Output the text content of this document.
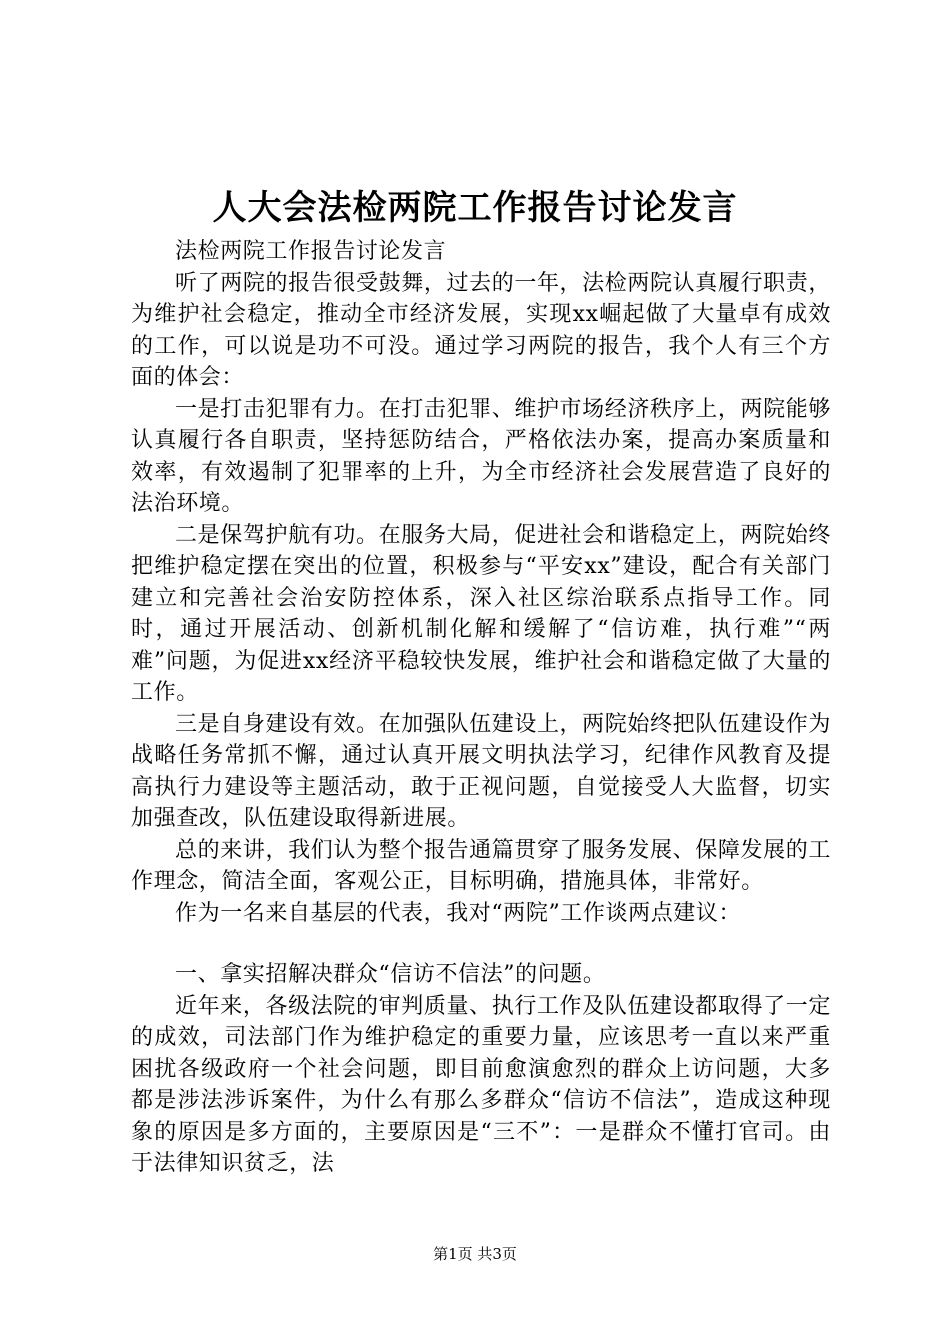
人大会法检两院工作报告讨论发言

法检两院工作报告讨论发言

听了两院的报告很受鼓舞，过去的一年，法检两院认真履行职责，为维护社会稳定，推动全市经济发展，实现xx崛起做了大量卓有成效的工作，可以说是功不可没。通过学习两院的报告，我个人有三个方面的体会：

一是打击犯罪有力。在打击犯罪、维护市场经济秩序上，两院能够认真履行各自职责，坚持惩防结合，严格依法办案，提高办案质量和效率，有效遏制了犯罪率的上升，为全市经济社会发展营造了良好的法治环境。

二是保驾护航有功。在服务大局，促进社会和谐稳定上，两院始终把维护稳定摆在突出的位置，积极参与“平安xx”建设，配合有关部门建立和完善社会治安防控体系，深入社区综治联系点指导工作。同时，通过开展活动、创新机制化解和缓解了“信访难，执行难”“两难”问题，为促进xx经济平稳较快发展，维护社会和谐稳定做了大量的工作。

三是自身建设有效。在加强队伍建设上，两院始终把队伍建设作为战略任务常抓不懈，通过认真开展文明执法学习，纪律作风教育及提高执行力建设等主题活动，敢于正视问题，自觉接受人大监督，切实加强查改，队伍建设取得新进展。

总的来讲，我们认为整个报告通篇贯穿了服务发展、保障发展的工作理念，简洁全面，客观公正，目标明确，措施具体，非常好。

作为一名来自基层的代表，我对“两院”工作谈两点建议：

一、拿实招解决群众“信访不信法”的问题。

近年来，各级法院的审判质量、执行工作及队伍建设都取得了一定的成效，司法部门作为维护稳定的重要力量，应该思考一直以来严重困扰各级政府一个社会问题，即目前愈演愈烈的群众上访问题，大多都是涉法涉诉案件，为什么有那么多群众“信访不信法”，造成这种现象的原因是多方面的，主要原因是“三不”：一是群众不懂打官司。由于法律知识贫乏，法

第1页 共3页
